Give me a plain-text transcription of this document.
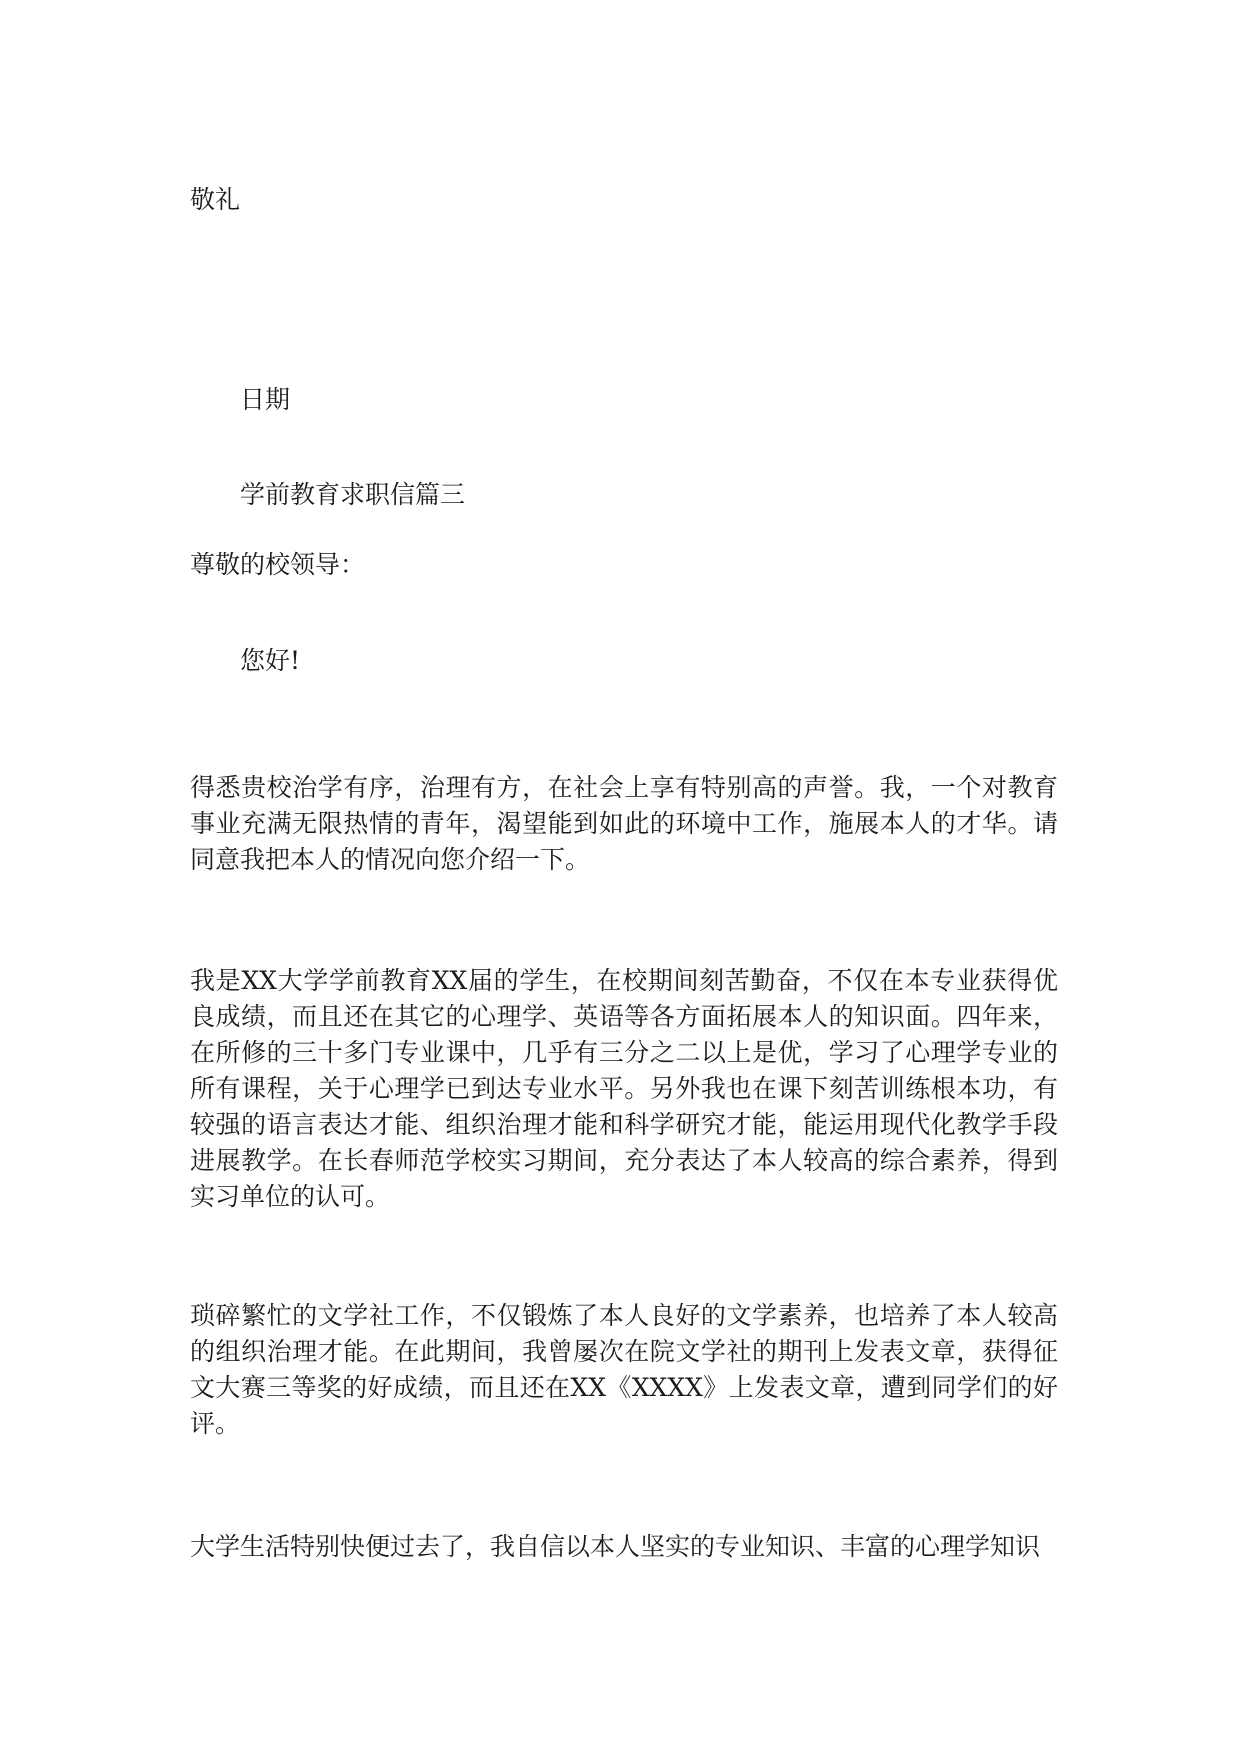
敬礼
日期
学前教育求职信篇三
尊敬的校领导：
您好!
得悉贵校治学有序，治理有方，在社会上享有特别高的声誉。我，一个对教育
事业充满无限热情的青年，渴望能到如此的环境中工作，施展本人的才华。请
同意我把本人的情况向您介绍一下。
我是XX大学学前教育XX届的学生，在校期间刻苦勤奋，不仅在本专业获得优
良成绩，而且还在其它的心理学、英语等各方面拓展本人的知识面。四年来，
在所修的三十多门专业课中，几乎有三分之二以上是优，学习了心理学专业的
所有课程，关于心理学已到达专业水平。另外我也在课下刻苦训练根本功，有
较强的语言表达才能、组织治理才能和科学研究才能，能运用现代化教学手段
进展教学。在长春师范学校实习期间，充分表达了本人较高的综合素养，得到
实习单位的认可。
琐碎繁忙的文学社工作，不仅锻炼了本人良好的文学素养，也培养了本人较高
的组织治理才能。在此期间，我曾屡次在院文学社的期刊上发表文章，获得征
文大赛三等奖的好成绩，而且还在XX《XXXX》上发表文章，遭到同学们的好
评。
大学生活特别快便过去了，我自信以本人坚实的专业知识、丰富的心理学知识
